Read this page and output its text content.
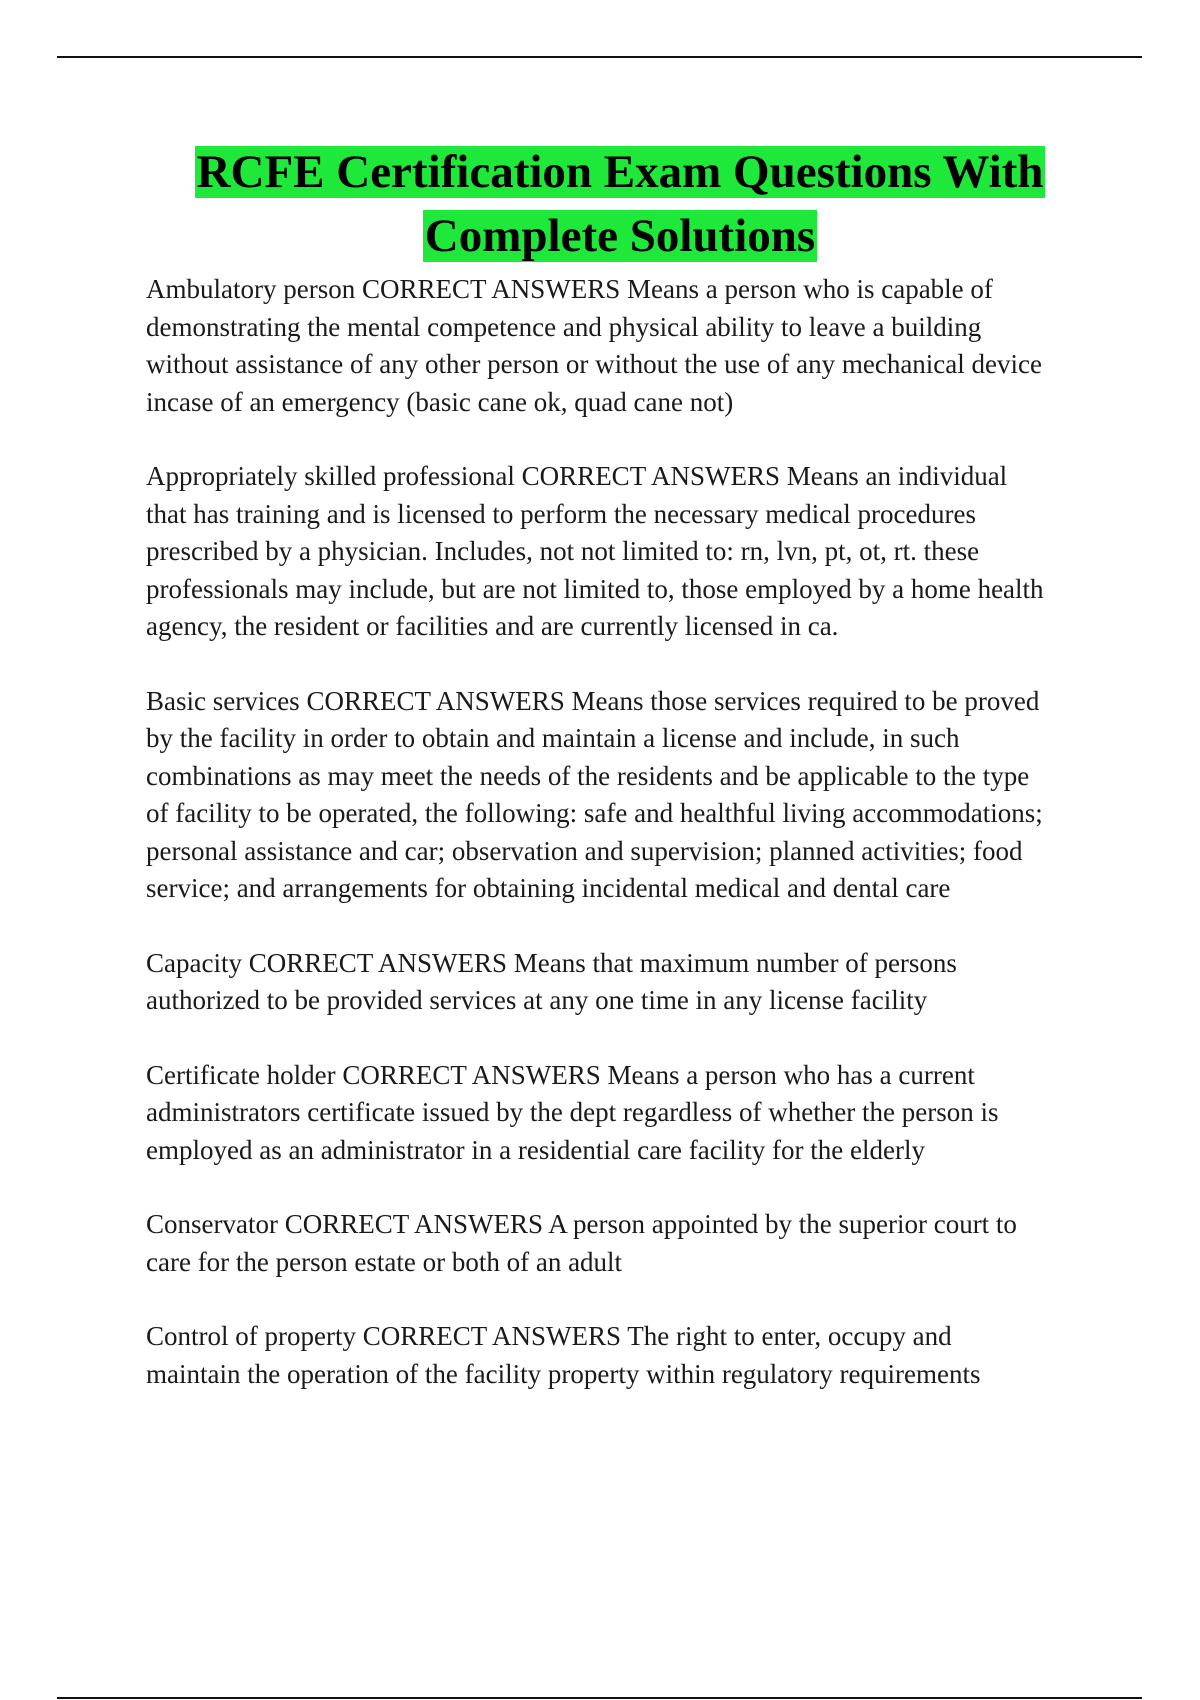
RCFE Certification Exam Questions With
Complete Solutions

Ambulatory person CORRECT ANSWERS Means a person who is capable of
demonstrating the mental competence and physical ability to leave a building
without assistance of any other person or without the use of any mechanical device
incase of an emergency (basic cane ok, quad cane not)

Appropriately skilled professional CORRECT ANSWERS Means an individual
that has training and is licensed to perform the necessary medical procedures
prescribed by a physician. Includes, not not limited to: rn, lvn, pt, ot, rt. these
professionals may include, but are not limited to, those employed by a home health
agency, the resident or facilities and are currently licensed in ca.

Basic services CORRECT ANSWERS Means those services required to be proved
by the facility in order to obtain and maintain a license and include, in such
combinations as may meet the needs of the residents and be applicable to the type
of facility to be operated, the following: safe and healthful living accommodations;
personal assistance and car; observation and supervision; planned activities; food
service; and arrangements for obtaining incidental medical and dental care

Capacity CORRECT ANSWERS Means that maximum number of persons
authorized to be provided services at any one time in any license facility

Certificate holder CORRECT ANSWERS Means a person who has a current
administrators certificate issued by the dept regardless of whether the person is
employed as an administrator in a residential care facility for the elderly

Conservator CORRECT ANSWERS A person appointed by the superior court to
care for the person estate or both of an adult

Control of property CORRECT ANSWERS The right to enter, occupy and
maintain the operation of the facility property within regulatory requirements
